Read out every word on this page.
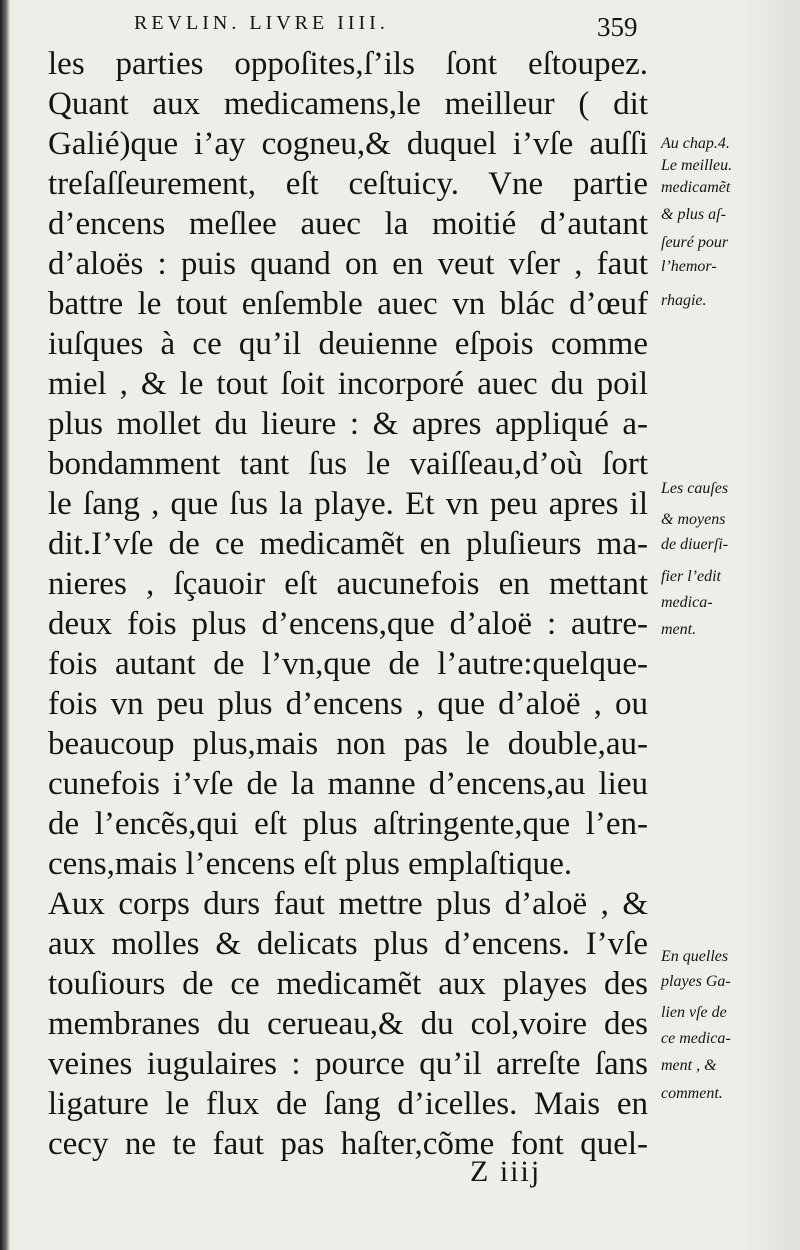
REVLIN. LIVRE IIII.	359
les parties oppoſites,ſ’ils ſont eſtoupez.
Quant aux medicamens,le meilleur ( dit
Galié)que i’ay cogneu,& duquel i’vſe auſſi
treſaſſeurement, eſt ceſtuicy. Vne partie
d’encens meſlee auec la moitié d’autant
d’aloës : puis quand on en veut vſer , faut
battre le tout enſemble auec vn blác d’œuf
iuſques à ce qu’il deuienne eſpois comme
miel , & le tout ſoit incorporé auec du poil
plus mollet du lieure : & apres appliqué a-
bondamment tant ſus le vaiſſeau,d’où ſort
le ſang , que ſus la playe. Et vn peu apres il
dit.I’vſe de ce medicamẽt en pluſieurs ma-
nieres , ſçauoir eſt aucunefois en mettant
deux fois plus d’encens,que d’aloë : autre-
fois autant de l’vn,que de l’autre:quelque-
fois vn peu plus d’encens , que d’aloë , ou
beaucoup plus,mais non pas le double,au-
cunefois i’vſe de la manne d’encens,au lieu
de l’encẽs,qui eſt plus aſtringente,que l’en-
cens,mais l’encens eſt plus emplaſtique.
Aux corps durs faut mettre plus d’aloë , &
aux molles & delicats plus d’encens. I’vſe
touſiours de ce medicamẽt aux playes des
membranes du cerueau,& du col,voire des
veines iugulaires : pource qu’il arreſte ſans
ligature le flux de ſang d’icelles. Mais en
cecy ne te faut pas haſter,cõme font quel-
Z iiij
Au chap.4.
Le meilleu.
medicamẽt
& plus aſ-
ſeuré pour
l’hemor-
rhagie.
Les cauſes
& moyens
de diuerſi-
fier l’edit
medica-
ment.
En quelles
playes Ga-
lien vſe de
ce medica-
ment , &
comment.
